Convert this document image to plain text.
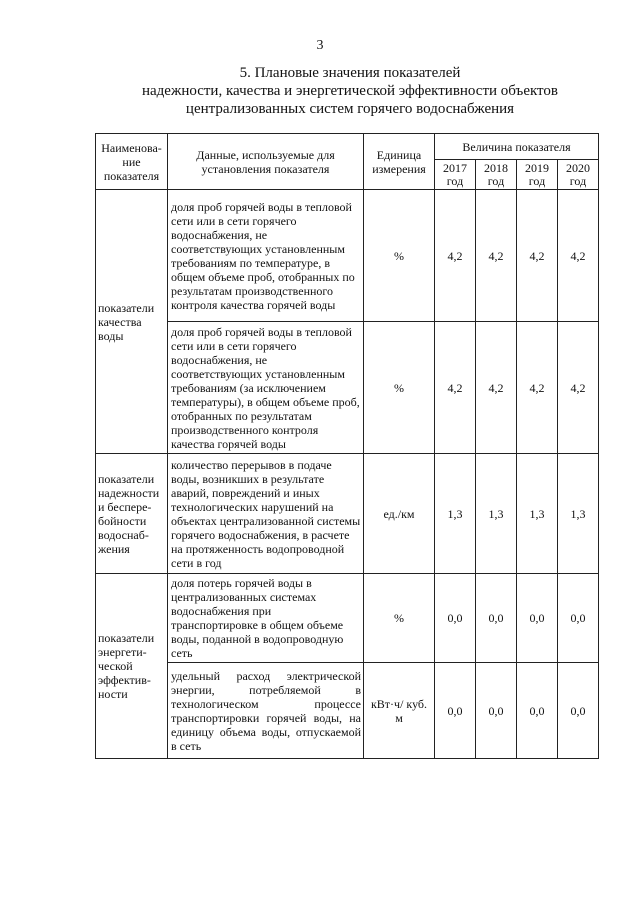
3
5. Плановые значения показателей
надежности, качества и энергетической эффективности объектов
централизованных систем горячего водоснабжения
Наименова-ние показателя	Данные, используемые для установления показателя	Единица измерения	Величина показателя			
			2017 год	2018 год	2019 год	2020 год
показатели качества воды	доля проб горячей воды в тепловой сети или в сети горячего водоснабжения, не соответствующих установленным требованиям по температуре, в общем объеме проб, отобранных по результатам производственного контроля качества горячей воды	%	4,2	4,2	4,2	4,2
	доля проб горячей воды в тепловой сети или в сети горячего водоснабжения, не соответствующих установленным требованиям (за исключением температуры), в общем объеме проб, отобранных по результатам производственного контроля качества горячей воды	%	4,2	4,2	4,2	4,2
показатели надежности и беспере-бойности водоснаб-жения	количество перерывов в подаче воды, возникших в результате аварий, повреждений и иных технологических нарушений на объектах централизованной системы горячего водоснабжения, в расчете на протяженность водопроводной сети в год	ед./км	1,3	1,3	1,3	1,3
показатели энергети-ческой эффектив-ности	доля потерь горячей воды в централизованных системах водоснабжения при транспортировке в общем объеме воды, поданной в водопроводную сеть	%	0,0	0,0	0,0	0,0
	удельный расход электрической энергии, потребляемой в технологическом процессе транспортировки горячей воды, на единицу объема воды, отпускаемой в сеть	кВт·ч/ куб. м	0,0	0,0	0,0	0,0
